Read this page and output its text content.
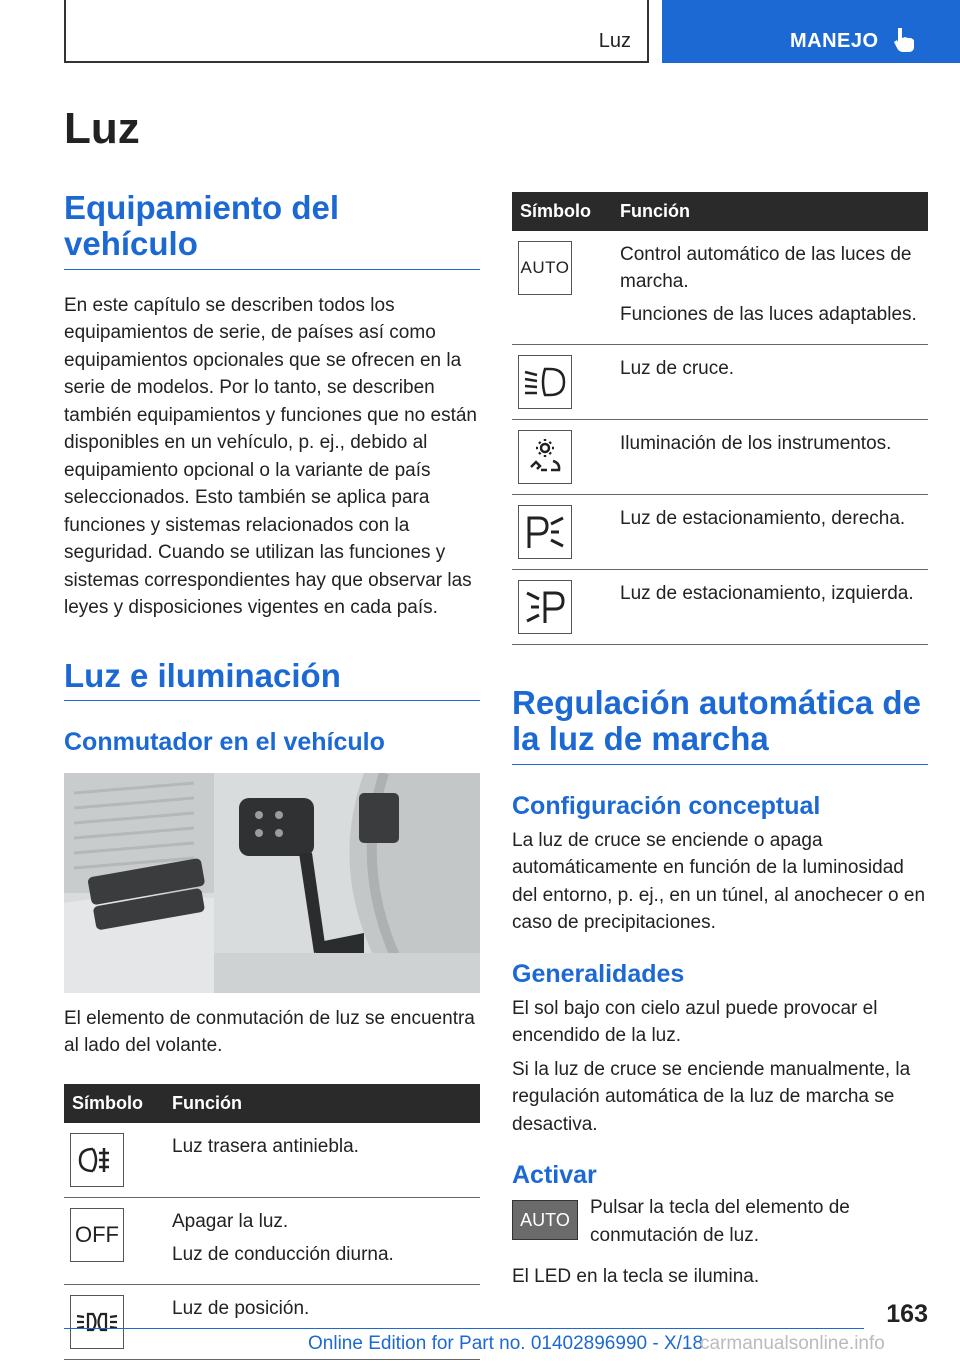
Luz	MANEJO
Luz
Equipamiento del vehículo

En este capítulo se describen todos los equipamientos de serie, de países así como equipamientos opcionales que se ofrecen en la serie de modelos. Por lo tanto, se describen también equipamientos y funciones que no están disponibles en un vehículo, p. ej., debido al equipamiento opcional o la variante de país seleccionados. Esto también se aplica para funciones y sistemas relacionados con la seguridad. Cuando se utilizan las funciones y sistemas correspondientes hay que observar las leyes y disposiciones vigentes en cada país.

Luz e iluminación
Conmutador en el vehículo

El elemento de conmutación de luz se encuentra al lado del volante.

Símbolo	Función

Luz trasera antiniebla.

OFF	Apagar la luz.
Luz de conducción diurna.

Luz de posición.
Símbolo	Función

AUTO	Control automático de las luces de marcha.
Funciones de las luces adaptables.

Luz de cruce.

Iluminación de los instrumentos.

Luz de estacionamiento, derecha.

Luz de estacionamiento, izquierda.
Regulación automática de la luz de marcha
Configuración conceptual

La luz de cruce se enciende o apaga automáticamente en función de la luminosidad del entorno, p. ej., en un túnel, al anochecer o en caso de precipitaciones.

Generalidades

El sol bajo con cielo azul puede provocar el encendido de la luz.

Si la luz de cruce se enciende manualmente, la regulación automática de la luz de marcha se desactiva.

Activar
AUTO

Pulsar la tecla del elemento de conmutación de luz.

El LED en la tecla se ilumina.

163
Online Edition for Part no. 01402896990 - X/18
carmanualsonline.info
